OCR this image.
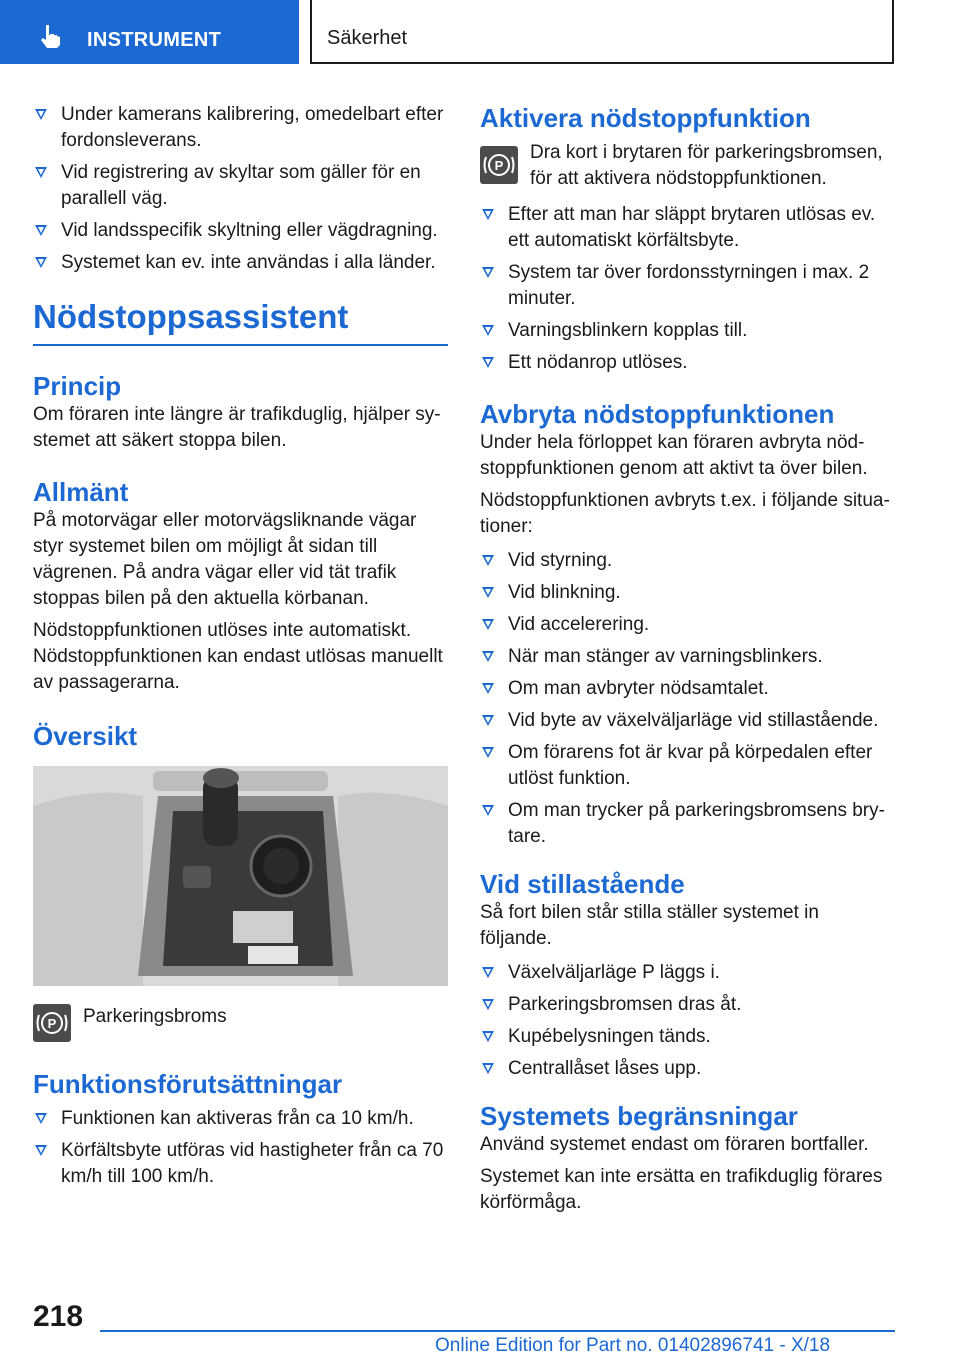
INSTRUMENT	Säkerhet
Under kamerans kalibrering, omedelbart efter fordonsleverans.
Vid registrering av skyltar som gäller för en parallell väg.
Vid landsspecifik skyltning eller vägdragning.
Systemet kan ev. inte användas i alla länder.
Nödstoppsassistent
Princip

Om föraren inte längre är trafikduglig, hjälper sy-stemet att säkert stoppa bilen.

Allmänt

På motorvägar eller motorvägsliknande vägar styr systemet bilen om möjligt åt sidan till vägrenen. På andra vägar eller vid tät trafik stoppas bilen på den aktuella körbanan.

Nödstoppfunktionen utlöses inte automatiskt. Nödstoppfunktionen kan endast utlösas manuellt av passagerarna.

Översikt
P Parkeringsbroms
Funktionsförutsättningar
Funktionen kan aktiveras från ca 10 km/h.
Körfältsbyte utföras vid hastigheter från ca 70 km/h till 100 km/h.
Aktivera nödstoppfunktion
P

Dra kort i brytaren för parkeringsbromsen, för att aktivera nödstoppfunktionen.

Efter att man har släppt brytaren utlösas ev. ett automatiskt körfältsbyte.
System tar över fordonsstyrningen i max. 2 minuter.
Varningsblinkern kopplas till.
Ett nödanrop utlöses.
Avbryta nödstoppfunktionen

Under hela förloppet kan föraren avbryta nöd-stoppfunktionen genom att aktivt ta över bilen.

Nödstoppfunktionen avbryts t.ex. i följande situa-tioner:

Vid styrning.
Vid blinkning.
Vid accelerering.
När man stänger av varningsblinkers.
Om man avbryter nödsamtalet.
Vid byte av växelväljarläge vid stillastående.
Om förarens fot är kvar på körpedalen efter utlöst funktion.
Om man trycker på parkeringsbromsens bry-tare.
Vid stillastående

Så fort bilen står stilla ställer systemet in följande.

Växelväljarläge P läggs i.
Parkeringsbromsen dras åt.
Kupébelysningen tänds.
Centrallåset låses upp.
Systemets begränsningar

Använd systemet endast om föraren bortfaller.

Systemet kan inte ersätta en trafikduglig förares körförmåga.

218
Online Edition for Part no. 01402896741 - X/18
